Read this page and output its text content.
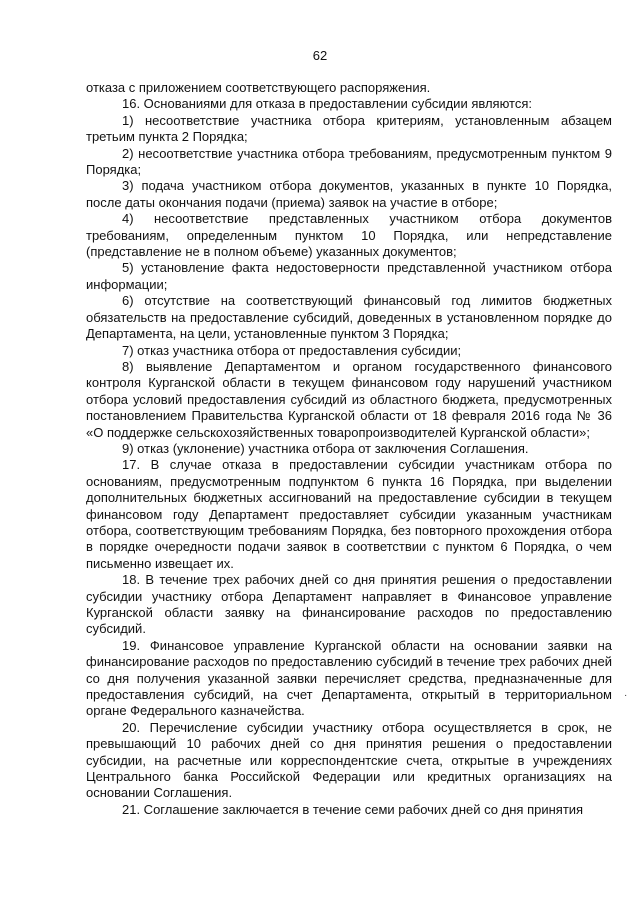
62

отказа с приложением соответствующего распоряжения.

16. Основаниями для отказа в предоставлении субсидии являются:

1) несоответствие участника отбора критериям, установленным абзацем третьим пункта 2 Порядка;

2) несоответствие участника отбора требованиям, предусмотренным пунктом 9 Порядка;

3) подача участником отбора документов, указанных в пункте 10 Порядка, после даты окончания подачи (приема) заявок на участие в отборе;

4) несоответствие представленных участником отбора документов требованиям, определенным пунктом 10 Порядка, или непредставление (представление не в полном объеме) указанных документов;

5) установление факта недостоверности представленной участником отбора информации;

6) отсутствие на соответствующий финансовый год лимитов бюджетных обязательств на предоставление субсидий, доведенных в установленном порядке до Департамента, на цели, установленные пунктом 3 Порядка;

7) отказ участника отбора от предоставления субсидии;

8) выявление Департаментом и органом государственного финансового контроля Курганской области в текущем финансовом году нарушений участником отбора условий предоставления субсидий из областного бюджета, предусмотренных постановлением Правительства Курганской области от 18 февраля 2016 года № 36 «О поддержке сельскохозяйственных товаропроизводителей Курганской области»;

9) отказ (уклонение) участника отбора от заключения Соглашения.

17. В случае отказа в предоставлении субсидии участникам отбора по основаниям, предусмотренным подпунктом 6 пункта 16 Порядка, при выделении дополнительных бюджетных ассигнований на предоставление субсидии в текущем финансовом году Департамент предоставляет субсидии указанным участникам отбора, соответствующим требованиям Порядка, без повторного прохождения отбора в порядке очередности подачи заявок в соответствии с пунктом 6 Порядка, о чем письменно извещает их.

18. В течение трех рабочих дней со дня принятия решения о предоставлении субсидии участнику отбора Департамент направляет в Финансовое управление Курганской области заявку на финансирование расходов по предоставлению субсидий.

19. Финансовое управление Курганской области на основании заявки на финансирование расходов по предоставлению субсидий в течение трех рабочих дней со дня получения указанной заявки перечисляет средства, предназначенные для предоставления субсидий, на счет Департамента, открытый в территориальном органе Федерального казначейства.

20. Перечисление субсидии участнику отбора осуществляется в срок, не превышающий 10 рабочих дней со дня принятия решения о предоставлении субсидии, на расчетные или корреспондентские счета, открытые в учреждениях Центрального банка Российской Федерации или кредитных организациях на основании Соглашения.

21. Соглашение заключается в течение семи рабочих дней со дня принятия

·
